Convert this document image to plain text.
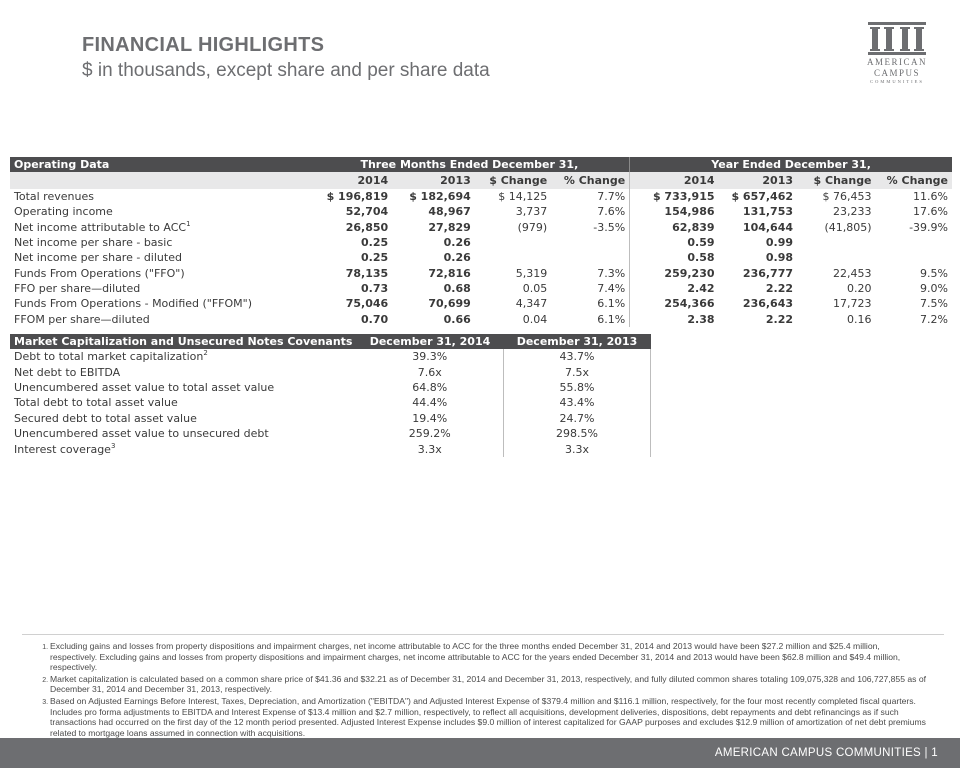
FINANCIAL HIGHLIGHTS
$ in thousands, except share and per share data	AMERICAN
CAMPUS
COMMUNITIES
Operating Data	Three Months Ended December 31,				Year Ended December 31,			
	2014	2013	$ Change	% Change	2014	2013	$ Change	% Change
Total revenues	$ 196,819	$ 182,694	$ 14,125	7.7%	$ 733,915	$ 657,462	$ 76,453	11.6%
Operating income	52,704	48,967	3,737	7.6%	154,986	131,753	23,233	17.6%
Net income attributable to ACC$^1$	26,850	27,829	(979)	-3.5%	62,839	104,644	(41,805)	-39.9%
Net income per share - basic	0.25	0.26			0.59	0.99		
Net income per share - diluted	0.25	0.26			0.58	0.98		
Funds From Operations ("FFO")	78,135	72,816	5,319	7.3%	259,230	236,777	22,453	9.5%
FFO per share—diluted	0.73	0.68	0.05	7.4%	2.42	2.22	0.20	9.0%
Funds From Operations - Modified ("FFOM")	75,046	70,699	4,347	6.1%	254,366	236,643	17,723	7.5%
FFOM per share—diluted	0.70	0.66	0.04	6.1%	2.38	2.22	0.16	7.2%
Market Capitalization and Unsecured Notes Covenants	December 31, 2014	December 31, 2013
Debt to total market capitalization$^2$	39.3%	43.7%
Net debt to EBITDA	7.6x	7.5x
Unencumbered asset value to total asset value	64.8%	55.8%
Total debt to total asset value	44.4%	43.4%
Secured debt to total asset value	19.4%	24.7%
Unencumbered asset value to unsecured debt	259.2%	298.5%
Interest coverage$^3$	3.3x	3.3x
1. Excluding gains and losses from property dispositions and impairment charges, net income attributable to ACC for the three months ended December 31, 2014 and 2013 would have been $27.2 million and $25.4 million, respectively. Excluding gains and losses from property dispositions and impairment charges, net income attributable to ACC for the years ended December 31, 2014 and 2013 would have been $62.8 million and $49.4 million, respectively.
2. Market capitalization is calculated based on a common share price of $41.36 and $32.21 as of December 31, 2014 and December 31, 2013, respectively, and fully diluted common shares totaling 109,075,328 and 106,727,855 as of December 31, 2014 and December 31, 2013, respectively.
3. Based on Adjusted Earnings Before Interest, Taxes, Depreciation, and Amortization ("EBITDA") and Adjusted Interest Expense of $379.4 million and $116.1 million, respectively, for the four most recently completed fiscal quarters. Includes pro forma adjustments to EBITDA and Interest Expense of $13.4 million and $2.7 million, respectively, to reflect all acquisitions, development deliveries, dispositions, debt repayments and debt refinancings as if such transactions had occurred on the first day of the 12 month period presented. Adjusted Interest Expense includes $9.0 million of interest capitalized for GAAP purposes and excludes $12.9 million of amortization of net debt premiums related to mortgage loans assumed in connection with acquisitions.
AMERICAN CAMPUS COMMUNITIES | 1
